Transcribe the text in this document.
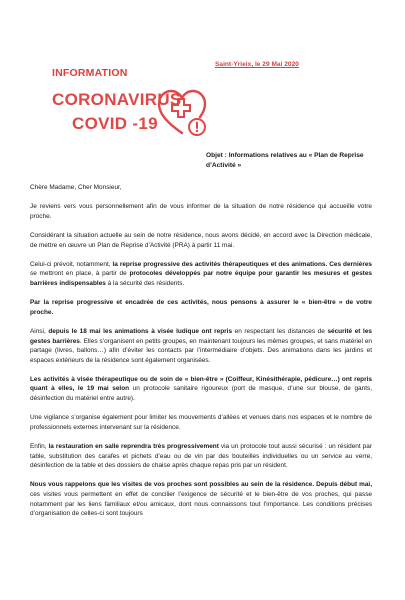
INFORMATION
CORONAVIRUS
COVID -19
Saint-Yrieix, le 29 Mai 2020
Objet : Informations relatives au « Plan de Reprise d’Activité »

Chère Madame, Cher Monsieur,

Je reviens vers vous personnellement afin de vous informer de la situation de notre résidence qui accueille votre proche.

Considérant la situation actuelle au sein de notre résidence, nous avons décidé, en accord avec la Direction médicale, de mettre en œuvre un Plan de Reprise d’Activité (PRA) à partir 11 mai.

Celui-ci prévoit, notamment, la reprise progressive des activités thérapeutiques et des animations. Ces dernières se mettront en place, à partir de protocoles développés par notre équipe pour garantir les mesures et gestes barrières indispensables à la sécurité des résidents.

Par la reprise progressive et encadrée de ces activités, nous pensons à assurer le « bien-être » de votre proche.

Ainsi, depuis le 18 mai les animations à visée ludique ont repris en respectant les distances de sécurité et les gestes barrières. Elles s’organisent en petits groupes, en maintenant toujours les mêmes groupes, et sans matériel en partage (livres, ballons…) afin d’éviter les contacts par l’intermédiaire d’objets. Des animations dans les jardins et espaces extérieurs de la résidence sont également organisées.

Les activités à visée thérapeutique ou de soin de « bien-être » (Coiffeur, Kinésithérapie, pédicure…) ont repris quant à elles, le 19 mai selon un protocole sanitaire rigoureux (port de masque, d’une sur blouse, de gants, désinfection du matériel entre autre).

Une vigilance s’organise également pour limiter les mouvements d’allées et venues dans nos espaces et le nombre de professionnels externes intervenant sur la résidence.

Enfin, la restauration en salle reprendra très progressivement via un protocole tout aussi sécurisé : un résident par table, substitution des carafes et pichets d’eau ou de vin par des bouteilles individuelles ou un service au verre, désinfection de la table et des dossiers de chaise après chaque repas pris par un résident.

Nous vous rappelons que les visites de vos proches sont possibles au sein de la résidence. Depuis début mai, ces visites vous permettent en effet de concilier l’exigence de sécurité et le bien-être de vos proches, qui passe notamment par les liens familiaux et/ou amicaux, dont nous connaissons tout l’importance. Les conditions précises d’organisation de celles-ci sont toujours
